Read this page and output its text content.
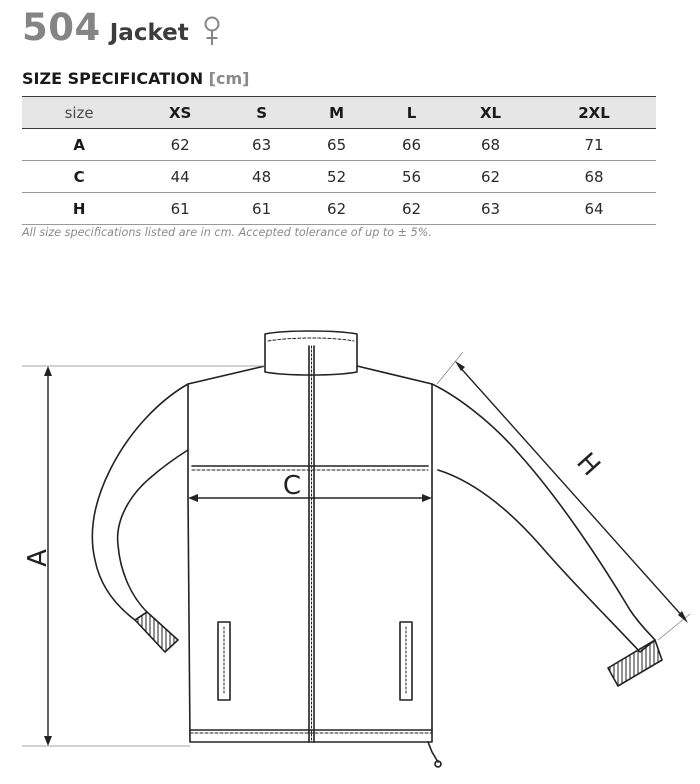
504 Jacket
SIZE SPECIFICATION [cm]
size	XS	S	M	L	XL	2XL
A	62	63	65	66	68	71
C	44	48	52	56	62	68
H	61	61	62	62	63	64
All size specifications listed are in cm. Accepted tolerance of up to ± 5%.
A
C
H
